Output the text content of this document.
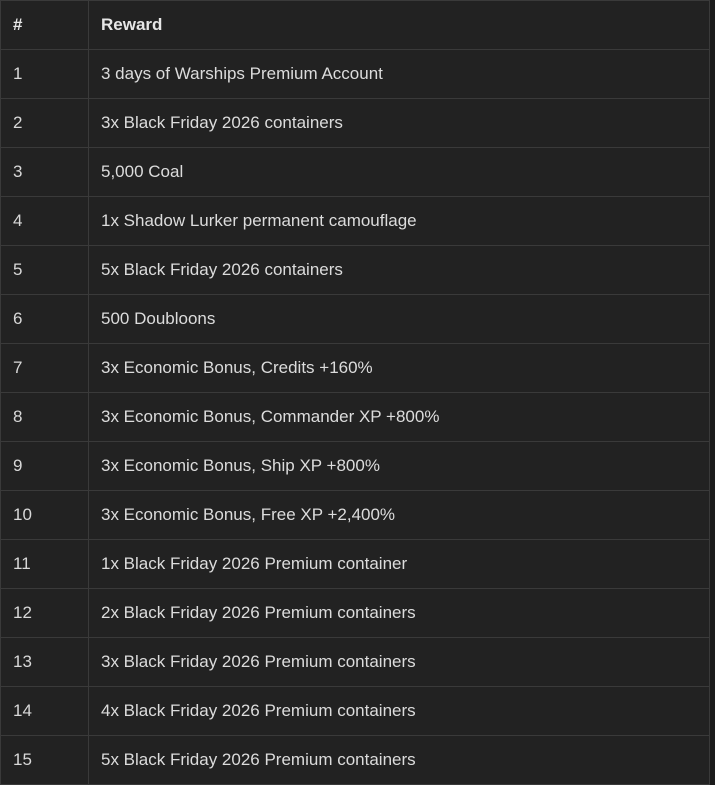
#	Reward
1	3 days of Warships Premium Account
2	3x Black Friday 2026 containers
3	5,000 Coal
4	1x Shadow Lurker permanent camouflage
5	5x Black Friday 2026 containers
6	500 Doubloons
7	3x Economic Bonus, Credits +160%
8	3x Economic Bonus, Commander XP +800%
9	3x Economic Bonus, Ship XP +800%
10	3x Economic Bonus, Free XP +2,400%
11	1x Black Friday 2026 Premium container
12	2x Black Friday 2026 Premium containers
13	3x Black Friday 2026 Premium containers
14	4x Black Friday 2026 Premium containers
15	5x Black Friday 2026 Premium containers
